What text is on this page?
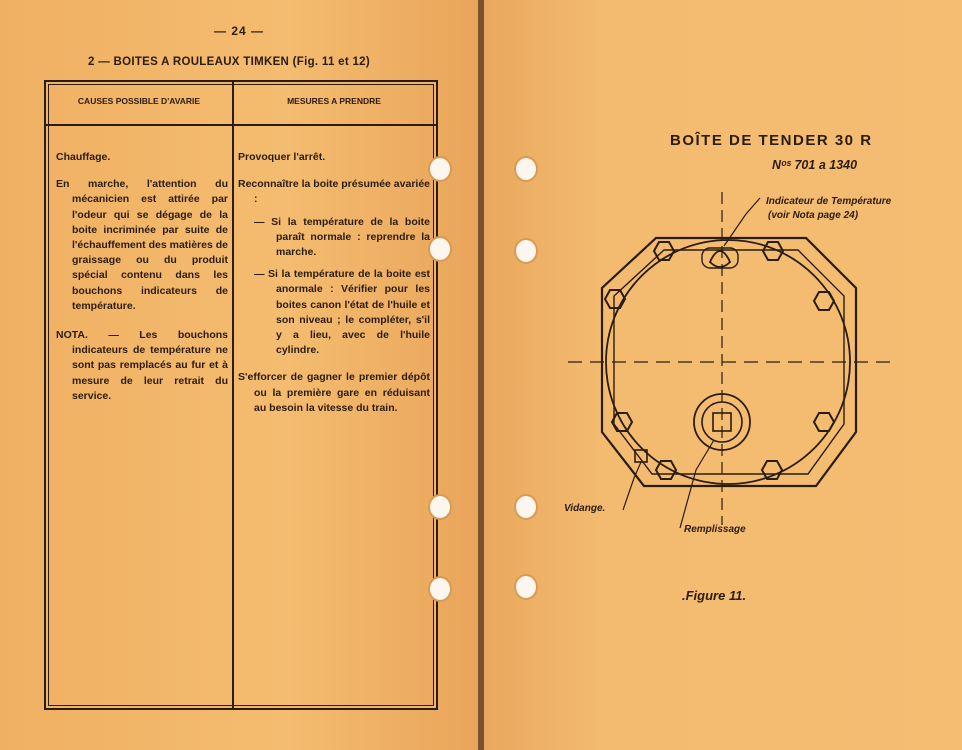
— 24 —
2 — BOITES A ROULEAUX TIMKEN (Fig. 11 et 12)
CAUSES POSSIBLE D'AVARIE	MESURES A PRENDRE

Chauffage.

En marche, l'attention du mécanicien est attirée par l'odeur qui se dégage de la boite incriminée par suite de l'échauffement des matières de graissage ou du produit spécial contenu dans les bouchons indicateurs de température.

NOTA. — Les bouchons indicateurs de température ne sont pas remplacés au fur et à mesure de leur retrait du service.

Provoquer l'arrêt.

Reconnaître la boite présumée avariée :

— Si la température de la boite paraît normale : reprendre la marche.

— Si la température de la boite est anormale : Vérifier pour les boites canon l'état de l'huile et son niveau ; le compléter, s'il y a lieu, avec de l'huile cylindre.

S'efforcer de gagner le premier dépôt ou la première gare en réduisant au besoin la vitesse du train.

BOÎTE DE TENDER 30 R
Nᵒˢ 701 a 1340
Indicateur de Température
(voir Nota page 24)
Vidange.
Remplissage
.Figure 11.
